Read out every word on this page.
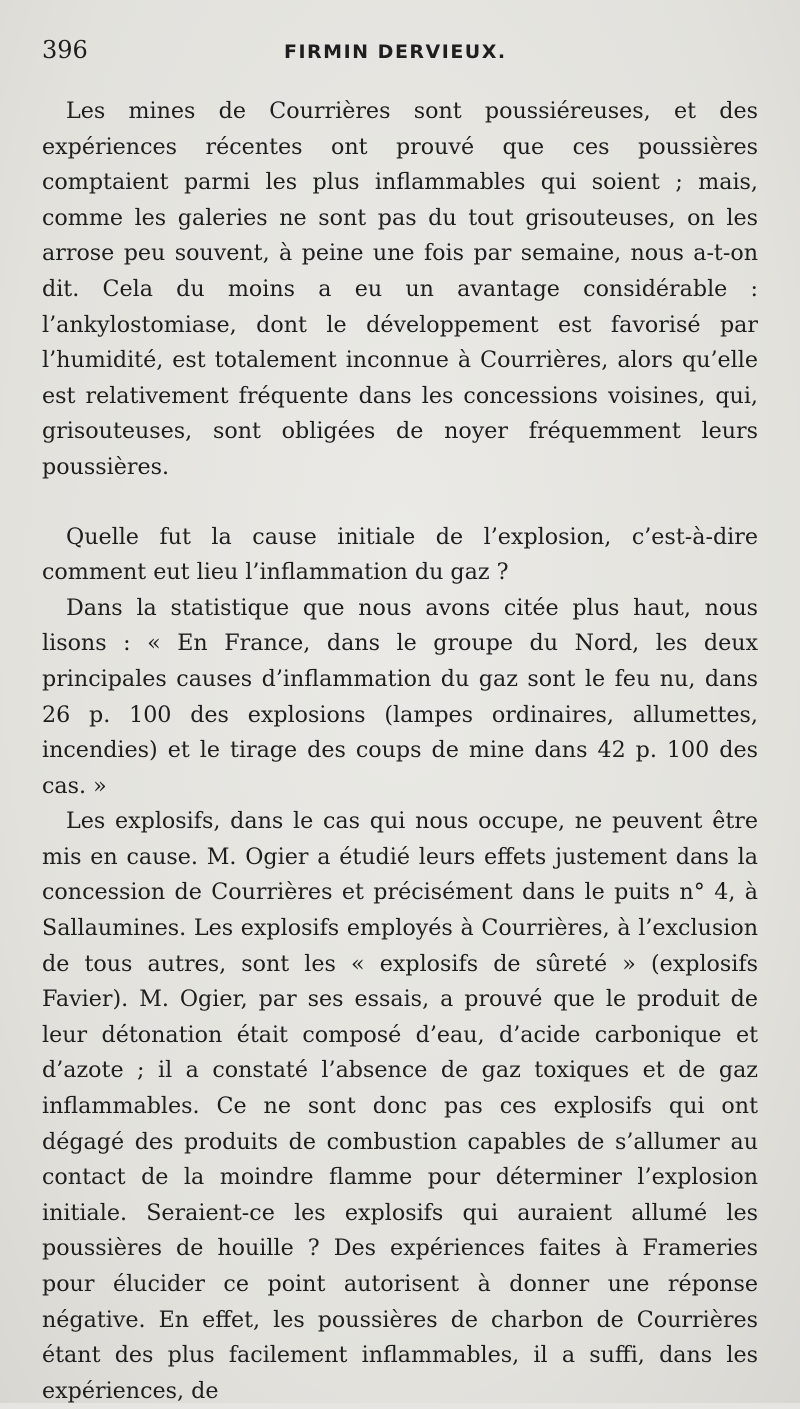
396	FIRMIN DERVIEUX.

Les mines de Courrières sont poussiéreuses, et des expériences récentes ont prouvé que ces poussières comptaient parmi les plus inflammables qui soient ; mais, comme les galeries ne sont pas du tout grisouteuses, on les arrose peu souvent, à peine une fois par semaine, nous a-t-on dit. Cela du moins a eu un avantage considérable : l’ankylostomiase, dont le développement est favorisé par l’humidité, est totalement inconnue à Courrières, alors qu’elle est relativement fréquente dans les concessions voisines, qui, grisouteuses, sont obligées de noyer fréquemment leurs poussières.

Quelle fut la cause initiale de l’explosion, c’est-à-dire comment eut lieu l’inflammation du gaz ?

Dans la statistique que nous avons citée plus haut, nous lisons : « En France, dans le groupe du Nord, les deux principales causes d’inflammation du gaz sont le feu nu, dans 26 p. 100 des explosions (lampes ordinaires, allumettes, incendies) et le tirage des coups de mine dans 42 p. 100 des cas. »

Les explosifs, dans le cas qui nous occupe, ne peuvent être mis en cause. M. Ogier a étudié leurs effets justement dans la concession de Courrières et précisément dans le puits n° 4, à Sallaumines. Les explosifs employés à Courrières, à l’exclusion de tous autres, sont les « explosifs de sûreté » (explosifs Favier). M. Ogier, par ses essais, a prouvé que le produit de leur détonation était composé d’eau, d’acide carbonique et d’azote ; il a constaté l’absence de gaz toxiques et de gaz inflammables. Ce ne sont donc pas ces explosifs qui ont dégagé des produits de combustion capables de s’allumer au contact de la moindre flamme pour déterminer l’explosion initiale. Seraient-ce les explosifs qui auraient allumé les poussières de houille ? Des expériences faites à Frameries pour élucider ce point autorisent à donner une réponse négative. En effet, les poussières de charbon de Courrières étant des plus facilement inflammables, il a suffi, dans les expériences, de
